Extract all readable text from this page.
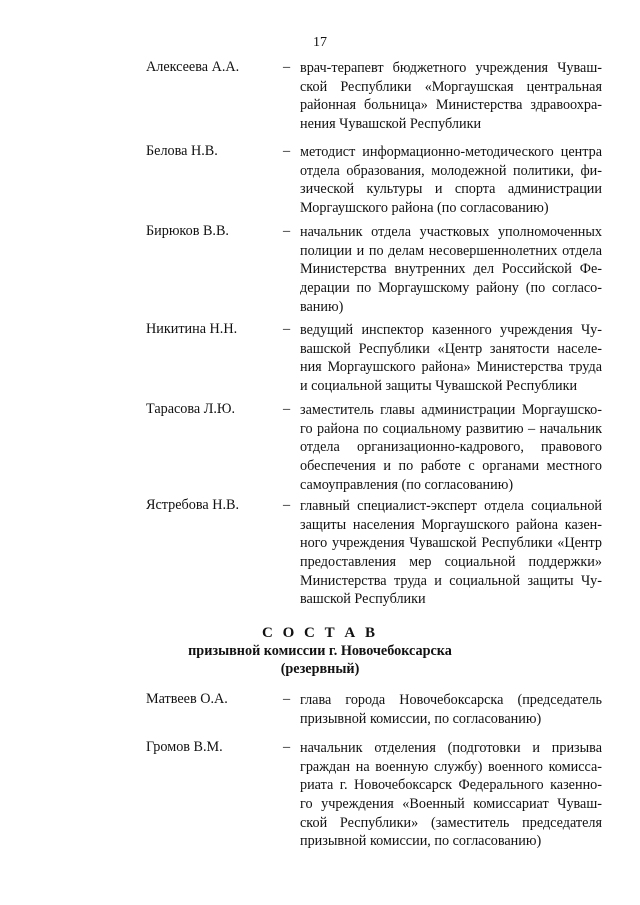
17
Алексеева А.А.	– врач-терапевт бюджетного учреждения Чуваш-
ской Республики «Моргаушская центральная
районная больница» Министерства здравоохра-
нения Чувашской Республики
Белова Н.В.	– методист информационно-методического центра
отдела образования, молодежной политики, фи-
зической культуры и спорта администрации
Моргаушского района (по согласованию)
Бирюков В.В.	– начальник отдела участковых уполномоченных
полиции и по делам несовершеннолетних отдела
Министерства внутренних дел Российской Фе-
дерации по Моргаушскому району (по согласо-
ванию)
Никитина Н.Н.	– ведущий инспектор казенного учреждения Чу-
вашской Республики «Центр занятости населе-
ния Моргаушского района» Министерства труда
и социальной защиты Чувашской Республики
Тарасова Л.Ю.	– заместитель главы администрации Моргаушско-
го района по социальному развитию – начальник
отдела организационно-кадрового, правового
обеспечения и по работе с органами местного
самоуправления (по согласованию)
Ястребова Н.В.	– главный специалист-эксперт отдела социальной
защиты населения Моргаушского района казен-
ного учреждения Чувашской Республики «Центр
предоставления мер социальной поддержки»
Министерства труда и социальной защиты Чу-
вашской Республики
С О С Т А В
призывной комиссии г. Новочебоксарска
(резервный)
Матвеев О.А.	– глава города Новочебоксарска (председатель
призывной комиссии, по согласованию)
Громов В.М.	– начальник отделения (подготовки и призыва
граждан на военную службу) военного комисса-
риата г. Новочебоксарск Федерального казенно-
го учреждения «Военный комиссариат Чуваш-
ской Республики» (заместитель председателя
призывной комиссии, по согласованию)
